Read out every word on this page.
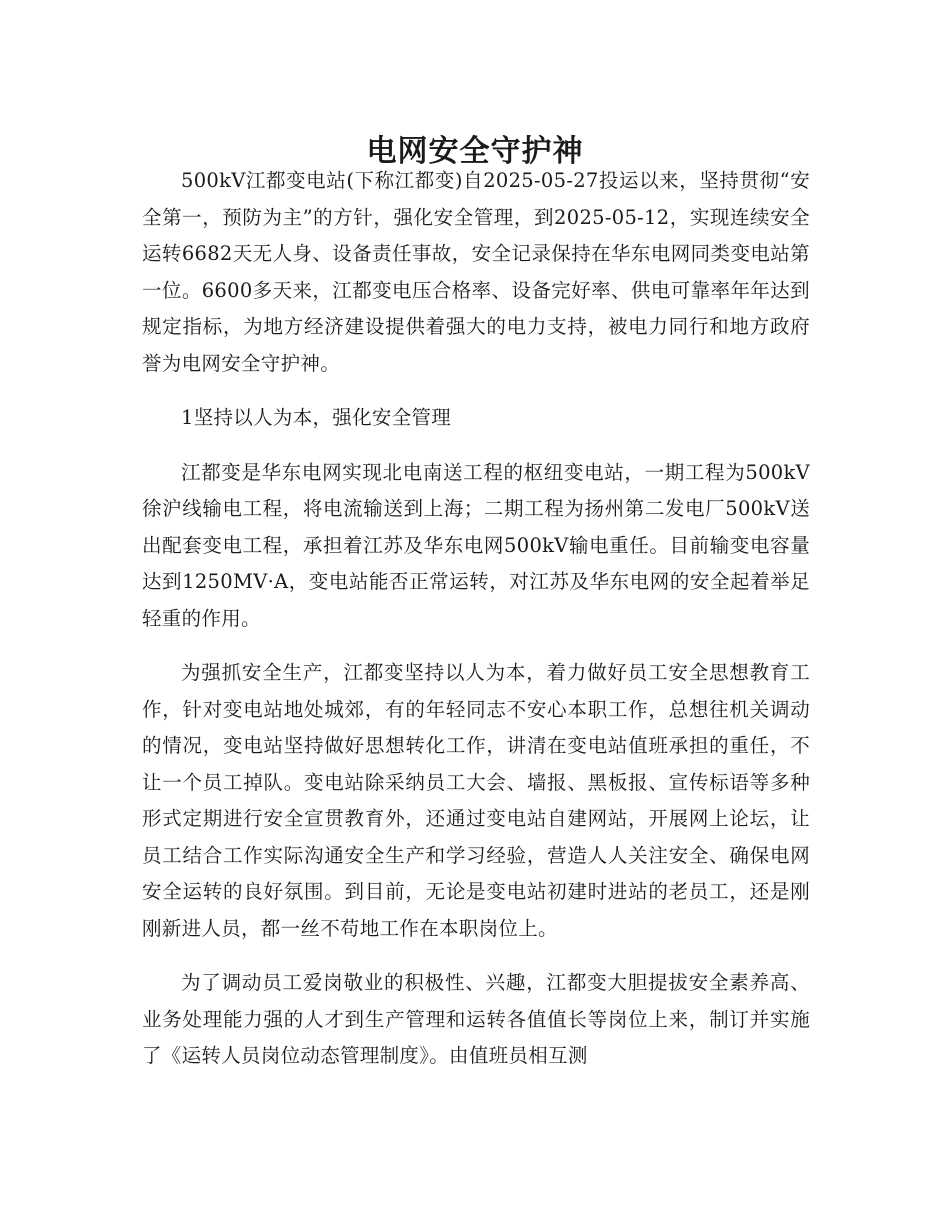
电网安全守护神

500kV江都变电站(下称江都变)自2025-05-27投运以来，坚持贯彻“安全第一，预防为主”的方针，强化安全管理，到2025-05-12，实现连续安全运转6682天无人身、设备责任事故，安全记录保持在华东电网同类变电站第一位。6600多天来，江都变电压合格率、设备完好率、供电可靠率年年达到规定指标，为地方经济建设提供着强大的电力支持，被电力同行和地方政府誉为电网安全守护神。

1坚持以人为本，强化安全管理

江都变是华东电网实现北电南送工程的枢纽变电站，一期工程为500kV徐沪线输电工程，将电流输送到上海；二期工程为扬州第二发电厂500kV送出配套变电工程，承担着江苏及华东电网500kV输电重任。目前输变电容量达到1250MV·A，变电站能否正常运转，对江苏及华东电网的安全起着举足轻重的作用。

为强抓安全生产，江都变坚持以人为本，着力做好员工安全思想教育工作，针对变电站地处城郊，有的年轻同志不安心本职工作，总想往机关调动的情况，变电站坚持做好思想转化工作，讲清在变电站值班承担的重任，不让一个员工掉队。变电站除采纳员工大会、墙报、黑板报、宣传标语等多种形式定期进行安全宣贯教育外，还通过变电站自建网站，开展网上论坛，让员工结合工作实际沟通安全生产和学习经验，营造人人关注安全、确保电网安全运转的良好氛围。到目前，无论是变电站初建时进站的老员工，还是刚刚新进人员，都一丝不苟地工作在本职岗位上。

为了调动员工爱岗敬业的积极性、兴趣，江都变大胆提拔安全素养高、业务处理能力强的人才到生产管理和运转各值值长等岗位上来，制订并实施了《运转人员岗位动态管理制度》。由值班员相互测
